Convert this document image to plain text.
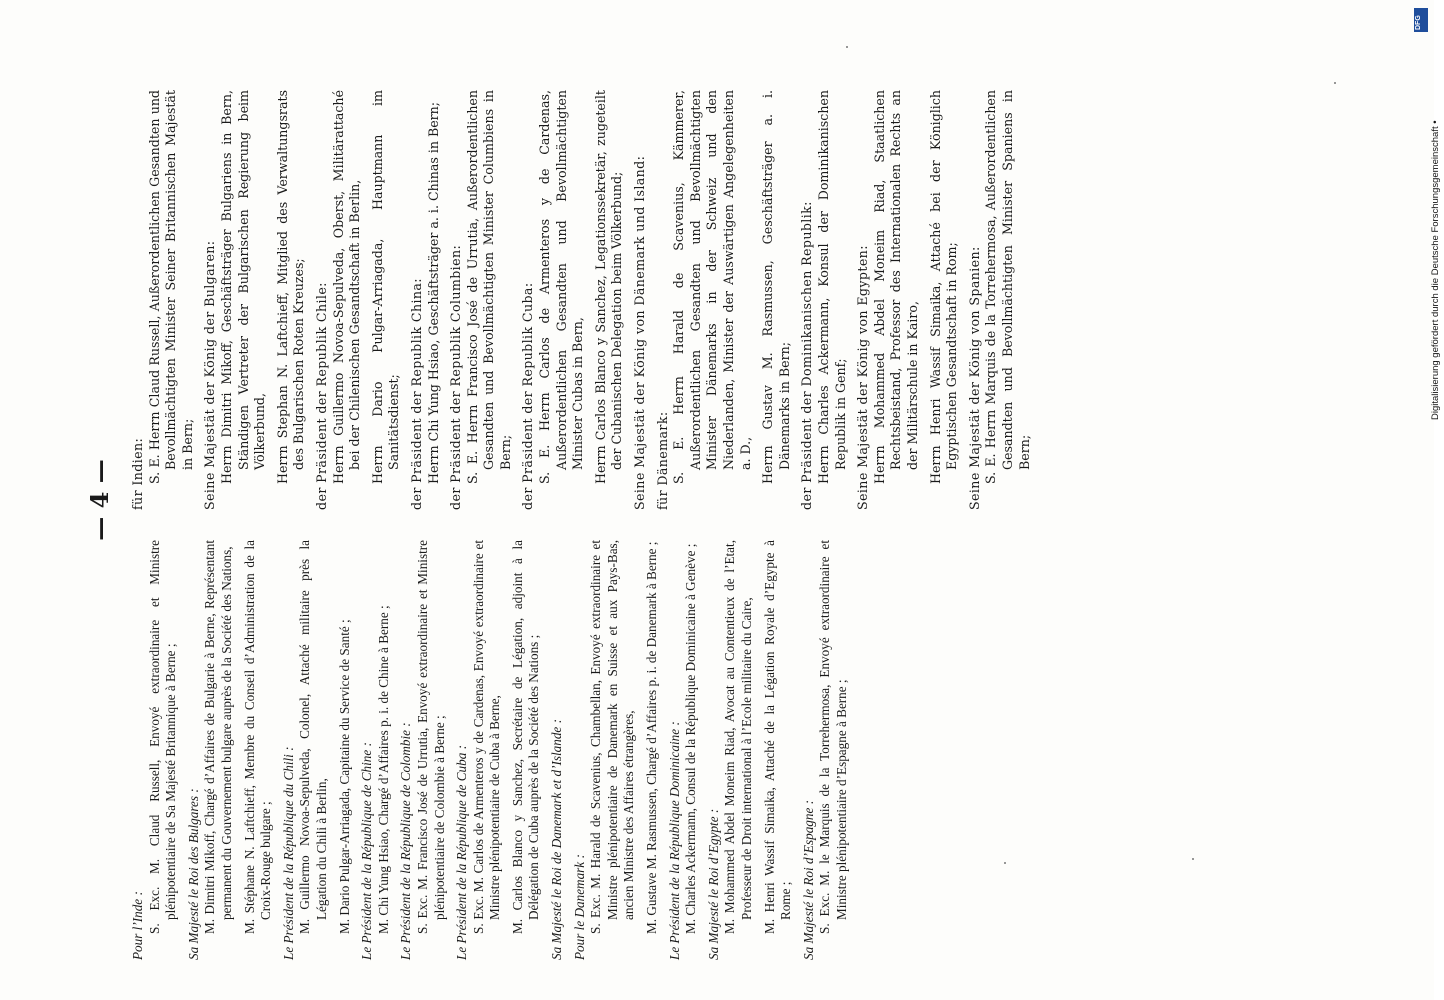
— 4 —
Pour l’Inde : S. Exc. M. Claud Russell, Envoyé extraordinaire et Ministre plénipotentiaire de Sa Majesté Britannique à Berne ; Sa Majesté le Roi des Bulgares : M. Dimitri Mikoff, Chargé d’Affaires de Bulgarie à Berne, Représentant permanent du Gouvernement bulgare auprès de la Société des Nations, M. Stéphane N. Laftchieff, Membre du Conseil d’Administration de la Croix-Rouge bulgare ; Le Président de la République du Chili : M. Guillermo Novoa-Sepulveda, Colonel, Attaché militaire près la Légation du Chili à Berlin, M. Dario Pulgar-Arriagada, Capitaine du Service de Santé ; Le Président de la République de Chine : M. Chi Yung Hsiao, Chargé d’Affaires p. i. de Chine à Berne ; Le Président de la République de Colombie : S. Exc. M. Francisco José de Urrutia, Envoyé extraordinaire et Ministre plénipotentiaire de Colombie à Berne ; Le Président de la République de Cuba : S. Exc. M. Carlos de Armenteros y de Cardenas, Envoyé extraordinaire et Ministre plénipotentiaire de Cuba à Berne, M. Carlos Blanco y Sanchez, Secrétaire de Légation, adjoint à la Délégation de Cuba auprès de la Société des Nations ; Sa Majesté le Roi de Danemark et d’Islande : Pour le Danemark : S. Exc. M. Harald de Scavenius, Chambellan, Envoyé extraordinaire et Ministre plénipotentiaire de Danemark en Suisse et aux Pays-Bas, ancien Ministre des Affaires étrangères, M. Gustave M. Rasmussen, Chargé d’Affaires p. i. de Danemark à Berne ; Le Président de la République Dominicaine : M. Charles Ackermann, Consul de la République Dominicaine à Genève ; Sa Majesté le Roi d’Egypte : M. Mohammed Abdel Moneim Riad, Avocat au Contentieux de l’Etat, Professeur de Droit international à l’Ecole militaire du Caire, M. Henri Wassif Simaika, Attaché de la Légation Royale d’Egypte à Rome ; Sa Majesté le Roi d’Espagne : S. Exc. M. le Marquis de la Torrehermosa, Envoyé extraordinaire et Ministre plénipotentiaire d’Espagne à Berne ;
für Indien: S. E. Herrn Claud Russell, Außerordentlichen Gesandten und Bevollmächtigten Minister Seiner Britannischen Majestät in Bern; Seine Majestät der König der Bulgaren: Herrn Dimitri Mikoff, Geschäftsträger Bulgariens in Bern, Ständigen Vertreter der Bulgarischen Regierung beim Völkerbund, Herrn Stephan N. Laftchieff, Mitglied des Verwaltungsrats des Bulgarischen Roten Kreuzes; der Präsident der Republik Chile: Herrn Guillermo Novoa-Sepulveda, Oberst, Militärattaché bei der Chilenischen Gesandtschaft in Berlin, Herrn Dario Pulgar-Arriagada, Hauptmann im Sanitätsdienst; der Präsident der Republik China: Herrn Chi Yung Hsiao, Geschäftsträger a. i. Chinas in Bern; der Präsident der Republik Columbien: S. E. Herrn Francisco José de Urrutia, Außerordentlichen Gesandten und Bevollmächtigten Minister Columbiens in Bern; der Präsident der Republik Cuba: S. E. Herrn Carlos de Armenteros y de Cardenas, Außerordentlichen Gesandten und Bevollmächtigten Minister Cubas in Bern, Herrn Carlos Blanco y Sanchez, Legationssekretär, zugeteilt der Cubanischen Delegation beim Völkerbund; Seine Majestät der König von Dänemark und Island: für Dänemark: S. E. Herrn Harald de Scavenius, Kämmerer, Außerordentlichen Gesandten und Bevollmächtigten Minister Dänemarks in der Schweiz und den Niederlanden, Minister der Auswärtigen Angelegenheiten a. D., Herrn Gustav M. Rasmussen, Geschäftsträger a. i. Dänemarks in Bern; der Präsident der Dominikanischen Republik: Herrn Charles Ackermann, Konsul der Dominikanischen Republik in Genf; Seine Majestät der König von Egypten: Herrn Mohammed Abdel Moneim Riad, Staatlichen Rechtsbeistand, Professor des Internationalen Rechts an der Militärschule in Kairo, Herrn Henri Wassif Simaika, Attaché bei der Königlich Egyptischen Gesandtschaft in Rom; Seine Majestät der König von Spanien: S. E. Herrn Marquis de la Torrehermosa, Außerordentlichen Gesandten und Bevollmächtigten Minister Spaniens in Bern;
Digitalisierung gefördert durch die Deutsche Forschungsgemeinschaft •
DFG
